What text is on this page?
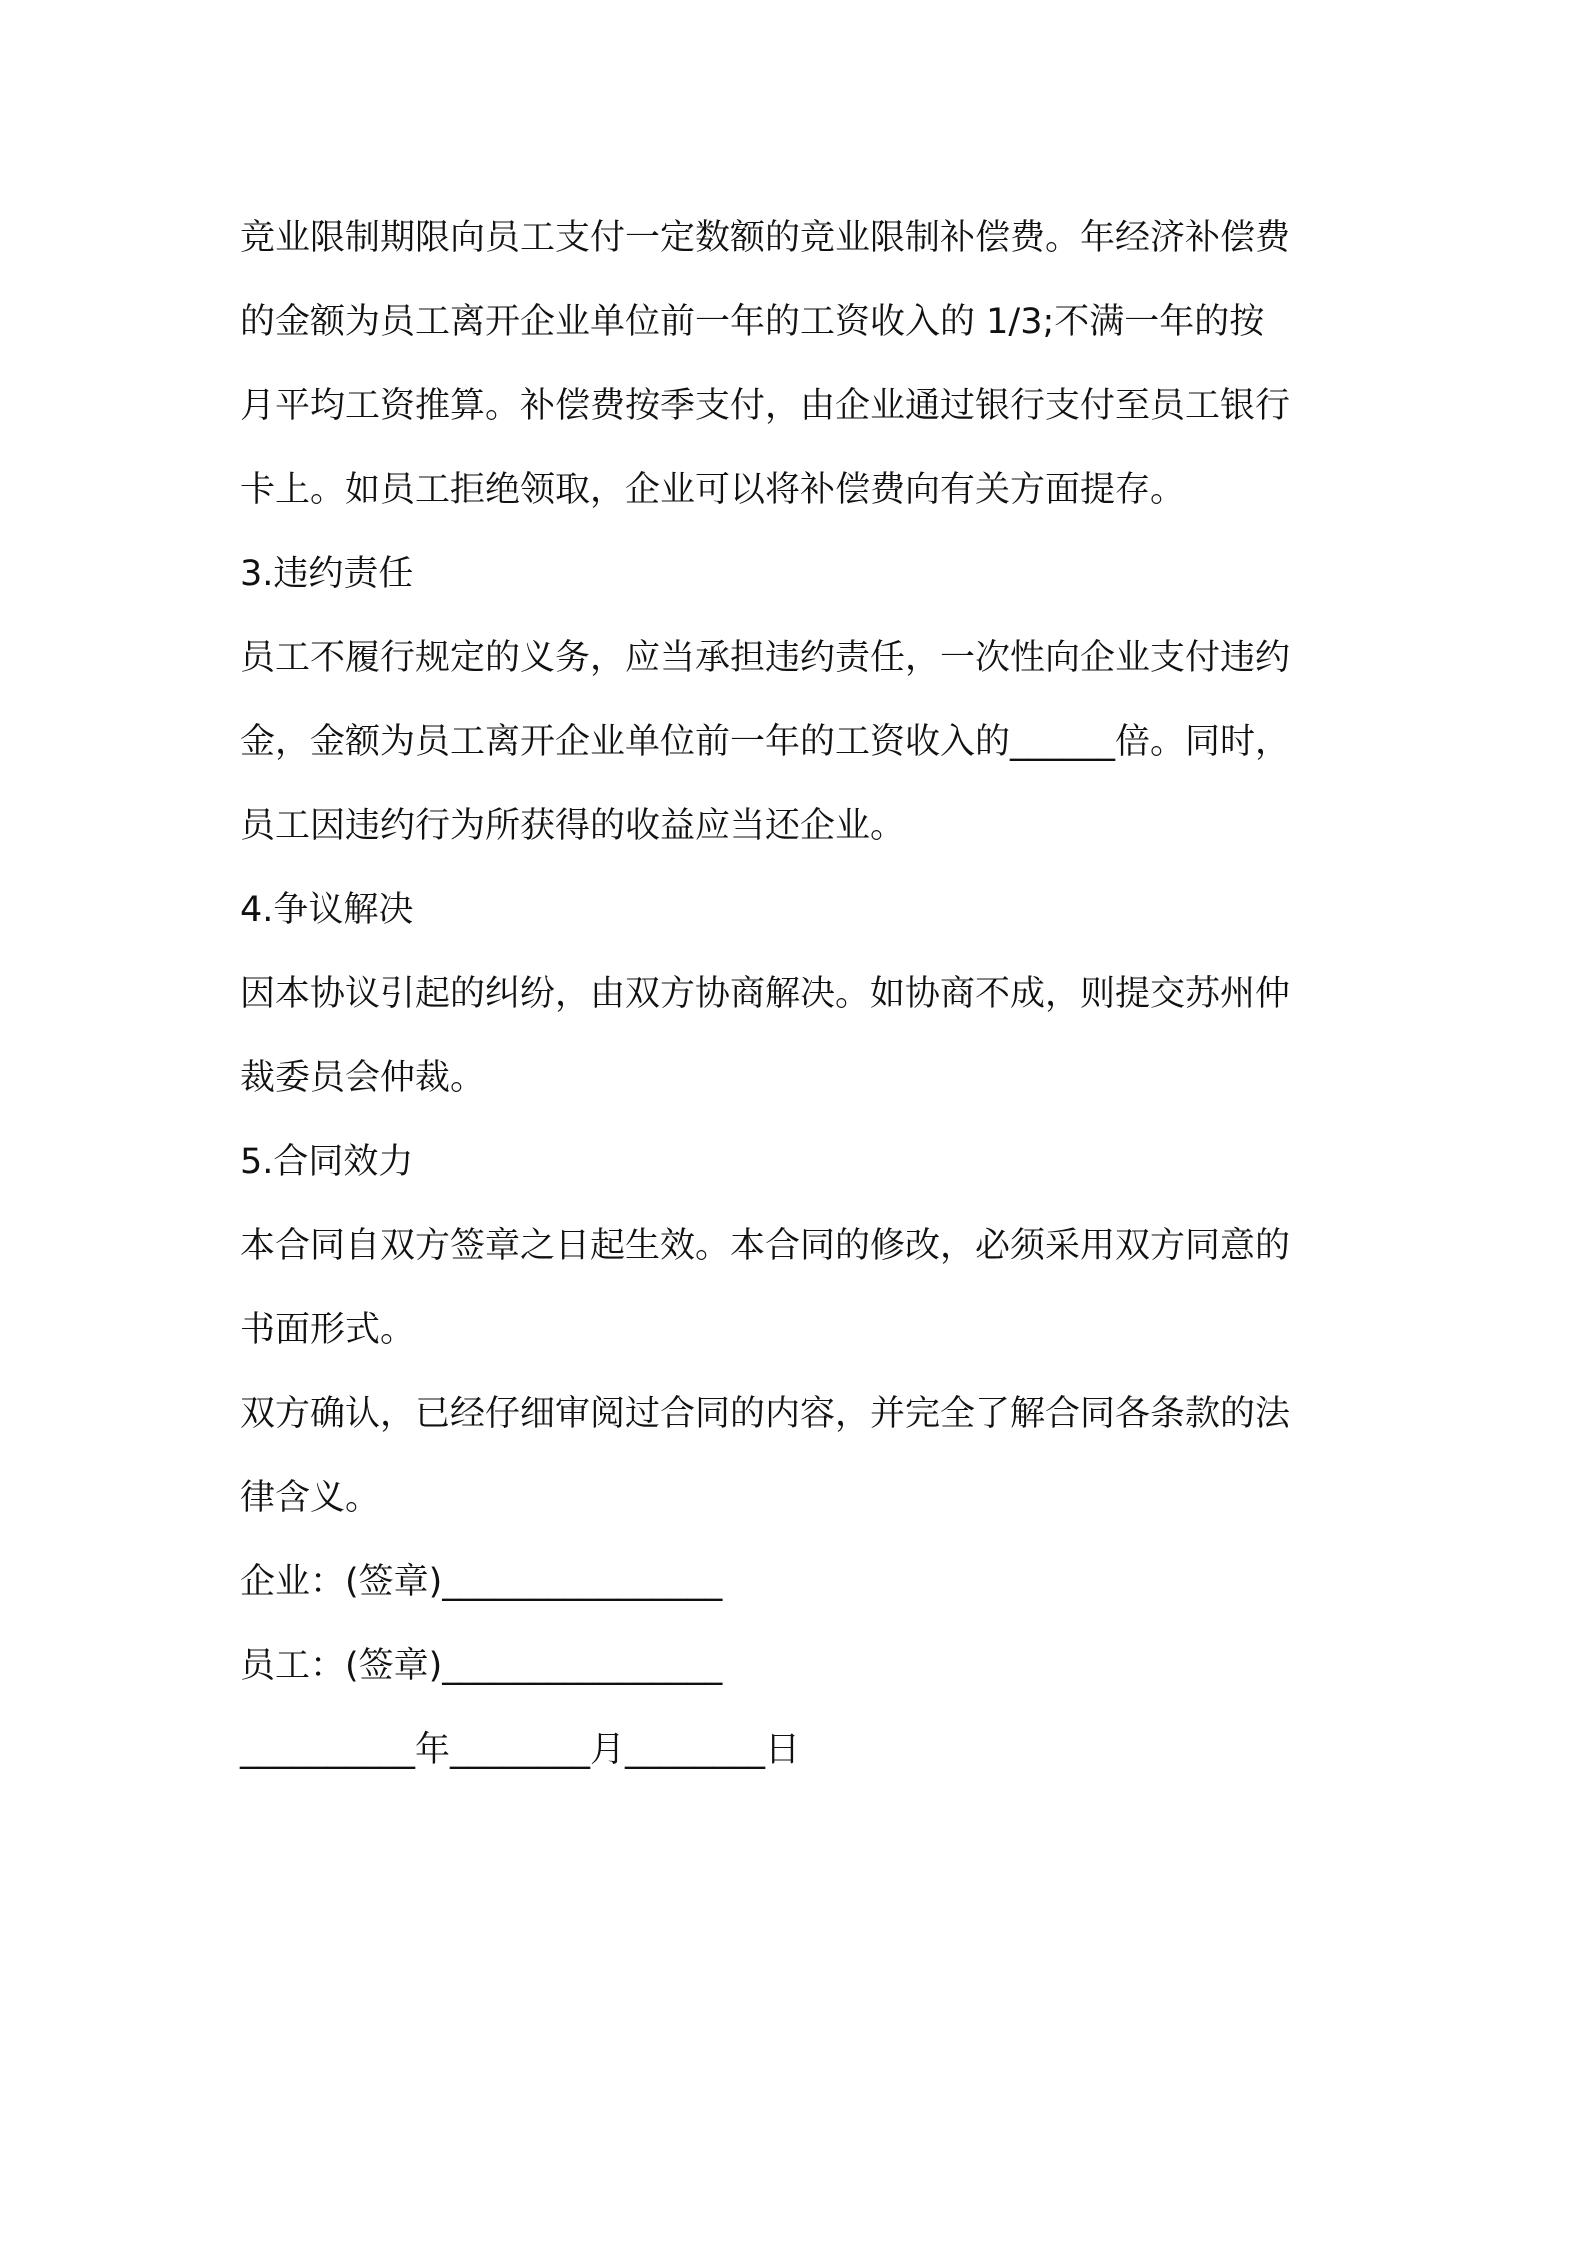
竞业限制期限向员工支付一定数额的竞业限制补偿费。年经济补偿费
的金额为员工离开企业单位前一年的工资收入的 1/3;不满一年的按
月平均工资推算。补偿费按季支付，由企业通过银行支付至员工银行
卡上。如员工拒绝领取，企业可以将补偿费向有关方面提存。
3.违约责任
员工不履行规定的义务，应当承担违约责任，一次性向企业支付违约
金，金额为员工离开企业单位前一年的工资收入的______倍。同时，
员工因违约行为所获得的收益应当还企业。
4.争议解决
因本协议引起的纠纷，由双方协商解决。如协商不成，则提交苏州仲
裁委员会仲裁。
5.合同效力
本合同自双方签章之日起生效。本合同的修改，必须采用双方同意的
书面形式。
双方确认，已经仔细审阅过合同的内容，并完全了解合同各条款的法
律含义。
企业：(签章)________________
员工：(签章)________________
__________年________月________日
